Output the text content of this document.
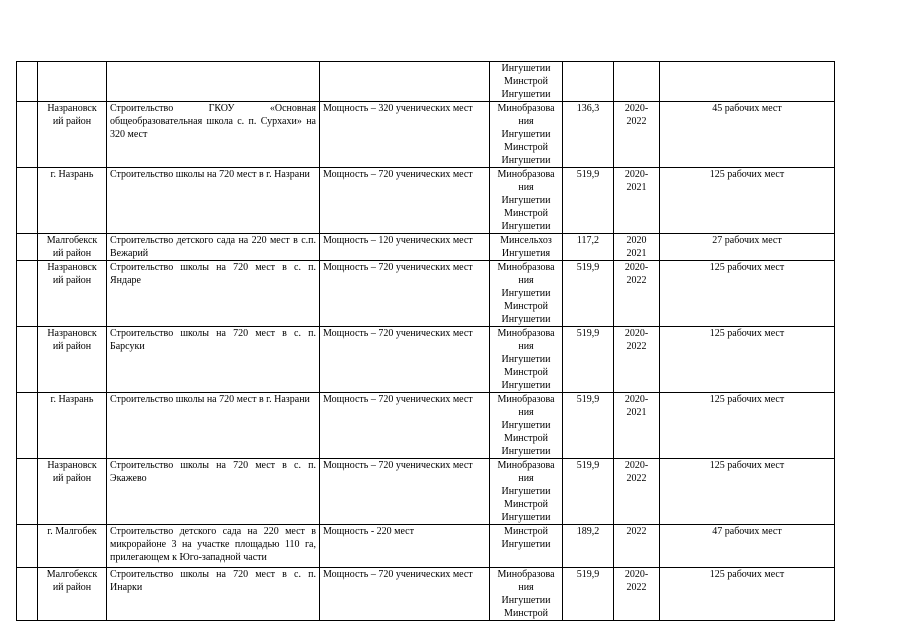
				Ингушетии
Минстрой
Ингушетии			
	Назрановск
ий район	Строительство ГКОУ «Основная общеобразовательная школа с. п. Сурхахи» на 320 мест	Мощность – 320 ученических мест	Минобразова
ния
Ингушетии
Минстрой
Ингушетии	136,3	2020-
2022	45 рабочих мест
	г. Назрань	Строительство школы на 720 мест в г. Назрани	Мощность – 720 ученических мест	Минобразова
ния
Ингушетии
Минстрой
Ингушетии	519,9	2020-
2021	125 рабочих мест
	Малгобекск
ий район	Строительство детского сада на 220 мест в с.п. Вежарий	Мощность – 120 ученических мест	Минсельхоз
Ингушетия	117,2	2020
2021	27 рабочих мест
	Назрановск
ий район	Строительство школы на 720 мест в с. п. Яндаре	Мощность – 720 ученических мест	Минобразова
ния
Ингушетии
Минстрой
Ингушетии	519,9	2020-
2022	125 рабочих мест
	Назрановск
ий район	Строительство школы на 720 мест в с. п. Барсуки	Мощность – 720 ученических мест	Минобразова
ния
Ингушетии
Минстрой
Ингушетии	519,9	2020-
2022	125 рабочих мест
	г. Назрань	Строительство школы на 720 мест в г. Назрани	Мощность – 720 ученических мест	Минобразова
ния
Ингушетии
Минстрой
Ингушетии	519,9	2020-
2021	125 рабочих мест
	Назрановск
ий район	Строительство школы на 720 мест в с. п. Экажево	Мощность – 720 ученических мест	Минобразова
ния
Ингушетии
Минстрой
Ингушетии	519,9	2020-
2022	125 рабочих мест
	г. Малгобек	Строительство детского сада на 220 мест в микрорайоне 3 на участке площадью 110 га, прилегающем к Юго-западной части	Мощность - 220 мест	Минстрой
Ингушетии	189,2	2022	47 рабочих мест
	Малгобекск
ий район	Строительство школы на 720 мест в с. п. Инарки	Мощность – 720 ученических мест	Минобразова
ния
Ингушетии
Минстрой	519,9	2020-
2022	125 рабочих мест
